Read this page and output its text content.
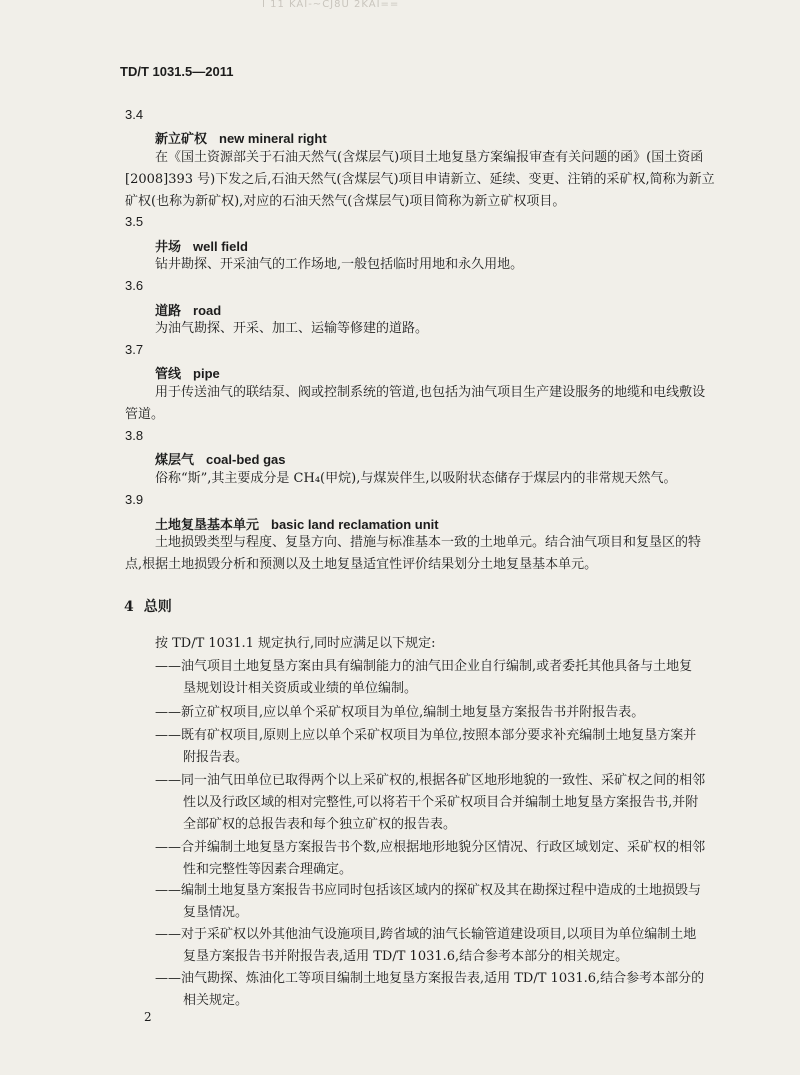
I 11 KAI-~CJ8U 2KAI==
TD/T 1031.5—2011
3.4
新立矿权 new mineral right
在《国土资源部关于石油天然气(含煤层气)项目土地复垦方案编报审查有关问题的函》(国土资函
[2008]393 号)下发之后,石油天然气(含煤层气)项目申请新立、延续、变更、注销的采矿权,简称为新立
矿权(也称为新矿权),对应的石油天然气(含煤层气)项目简称为新立矿权项目。
3.5
井场 well field
钻井勘探、开采油气的工作场地,一般包括临时用地和永久用地。
3.6
道路 road
为油气勘探、开采、加工、运输等修建的道路。
3.7
管线 pipe
用于传送油气的联结泵、阀或控制系统的管道,也包括为油气项目生产建设服务的地缆和电线敷设
管道。
3.8
煤层气 coal-bed gas
俗称“斯”,其主要成分是 CH₄(甲烷),与煤炭伴生,以吸附状态储存于煤层内的非常规天然气。
3.9
土地复垦基本单元 basic land reclamation unit
土地损毁类型与程度、复垦方向、措施与标准基本一致的土地单元。结合油气项目和复垦区的特
点,根据土地损毁分析和预测以及土地复垦适宜性评价结果划分土地复垦基本单元。
4 总则
按 TD/T 1031.1 规定执行,同时应满足以下规定:
——油气项目土地复垦方案由具有编制能力的油气田企业自行编制,或者委托其他具备与土地复
垦规划设计相关资质或业绩的单位编制。
——新立矿权项目,应以单个采矿权项目为单位,编制土地复垦方案报告书并附报告表。
——既有矿权项目,原则上应以单个采矿权项目为单位,按照本部分要求补充编制土地复垦方案并
附报告表。
——同一油气田单位已取得两个以上采矿权的,根据各矿区地形地貌的一致性、采矿权之间的相邻
性以及行政区域的相对完整性,可以将若干个采矿权项目合并编制土地复垦方案报告书,并附
全部矿权的总报告表和每个独立矿权的报告表。
——合并编制土地复垦方案报告书个数,应根据地形地貌分区情况、行政区域划定、采矿权的相邻
性和完整性等因素合理确定。
——编制土地复垦方案报告书应同时包括该区域内的探矿权及其在勘探过程中造成的土地损毁与
复垦情况。
——对于采矿权以外其他油气设施项目,跨省域的油气长输管道建设项目,以项目为单位编制土地
复垦方案报告书并附报告表,适用 TD/T 1031.6,结合参考本部分的相关规定。
——油气勘探、炼油化工等项目编制土地复垦方案报告表,适用 TD/T 1031.6,结合参考本部分的
相关规定。
2
